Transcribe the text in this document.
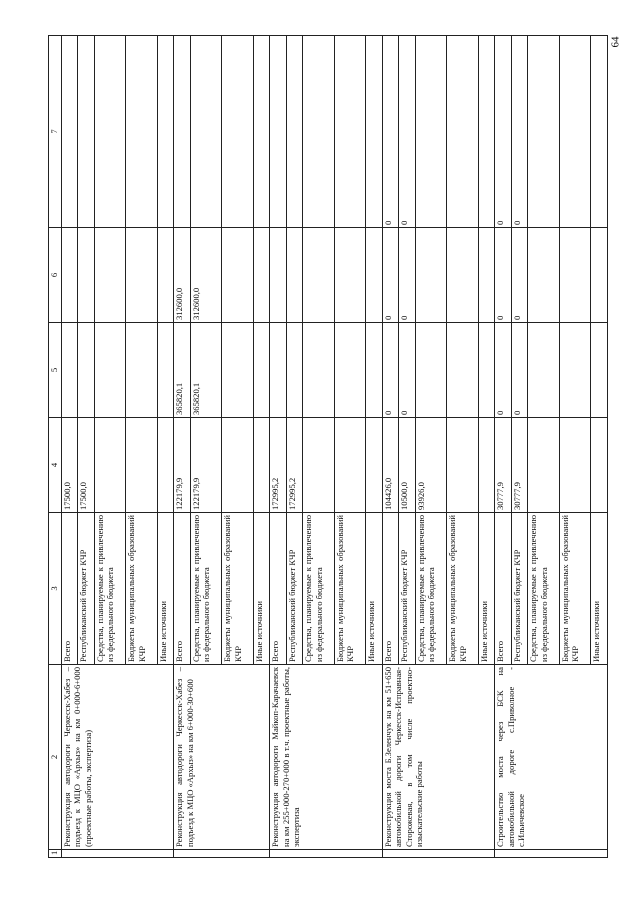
64
1	2	3	4	5	6	7
	Реконструкция автодороги Черкесск-Хабез – подъезд к МЦО «Архыз» на км 0+000-6+000 (проектные работы, экспертиза)	Всего	17500,0			
		Республиканский бюджет КЧР	17500,0			
		Средства, планируемые к привлечению из федерального бюджета				
		Бюджеты муниципальных образований КЧР				
		Иные источники				
	Реконструкция автодороги Черкесск-Хабез – подъезд к МЦО «Архыз» на км 6+000-30+600	Всего	122179,9	365820,1	312600,0	
		Средства, планируемые к привлечению из федерального бюджета	122179,9	365820,1	312600,0	
		Бюджеты муниципальных образований КЧР				
		Иные источники				
	Реконструкция автодороги Майкоп-Карачаевск на км 255+000-270+000 в т.ч. проектные работы, экспертиза	Всего	172995,2			
		Республиканский бюджет КЧР	172995,2			
		Средства, планируемые к привлечению из федерального бюджета				
		Бюджеты муниципальных образований КЧР				
		Иные источники				
	Реконструкция моста Б.Зеленчук на км 51+650 автомобильной дороги Черкесск-Исправная-Сторожевая, в том числе проектно-изыскательские работы	Всего	104426,0	0	0	0
		Республиканский бюджет КЧР	10500,0	0	0	0
		Средства, планируемые к привлечению из федерального бюджета	93926,0			
		Бюджеты муниципальных образований КЧР				
		Иные источники				
	Строительство моста через БСК на автомобильной дороге с.Приволное - с.Ильичевское	Всего	30777,9	0	0	0
		Республиканский бюджет КЧР	30777,9	0	0	0
		Средства, планируемые к привлечению из федерального бюджета				
		Бюджеты муниципальных образований КЧР				
		Иные источники				
